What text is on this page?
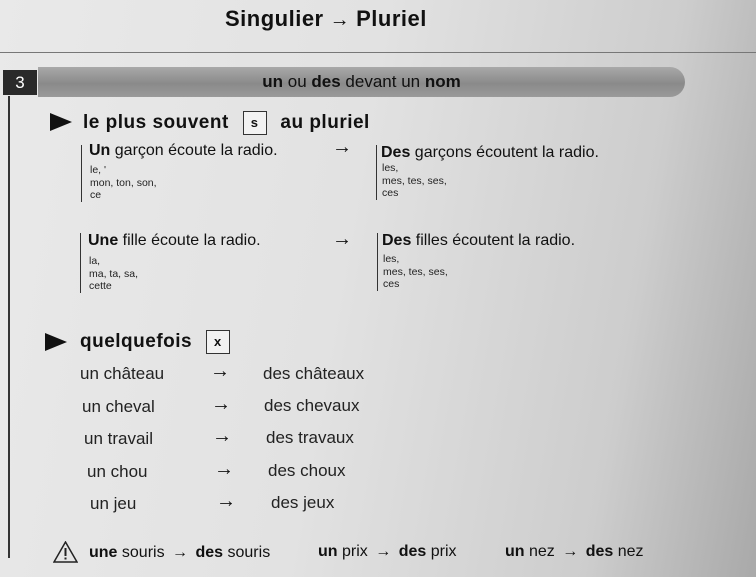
Singulier → Pluriel
un ou des devant un nom
3
le plus souvent s au pluriel
Un garçon écoute la radio.
le, '
mon, ton, son,
ce
→ Des garçons écoutent la radio.
les,
mes, tes, ses,
ces
Une fille écoute la radio.
la,
ma, ta, sa,
cette
→ Des filles écoutent la radio.
les,
mes, tes, ses,
ces
quelquefois x
un château → des châteaux
un cheval	→ des chevaux
un travail	→ des travaux
un chou	→ des choux
un jeu	→ des jeux
une souris → des souris	un prix → des prix	un nez → des nez
